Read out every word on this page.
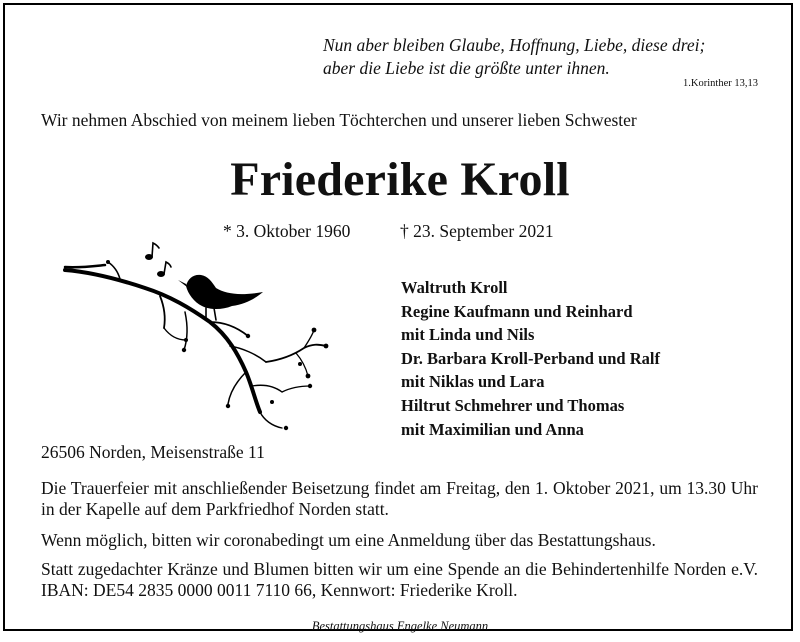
Nun aber bleiben Glaube, Hoffnung, Liebe, diese drei;
aber die Liebe ist die größte unter ihnen.
1.Korinther 13,13
Wir nehmen Abschied von meinem lieben Töchterchen und unserer lieben Schwester
Friederike Kroll
* 3. Oktober 1960	† 23. September 2021
Waltruth Kroll
Regine Kaufmann und Reinhard
mit Linda und Nils
Dr. Barbara Kroll-Perband und Ralf
mit Niklas und Lara
Hiltrut Schmehrer und Thomas
mit Maximilian und Anna
26506 Norden, Meisenstraße 11
Die Trauerfeier mit anschließender Beisetzung findet am Freitag, den 1. Oktober 2021, um 13.30 Uhr in der Kapelle auf dem Parkfriedhof Norden statt.
Wenn möglich, bitten wir coronabedingt um eine Anmeldung über das Bestattungshaus.
Statt zugedachter Kränze und Blumen bitten wir um eine Spende an die Behindertenhilfe Norden e.V. IBAN: DE54 2835 0000 0011 7110 66, Kennwort: Friederike Kroll.
Bestattungshaus Engelke Neumann
